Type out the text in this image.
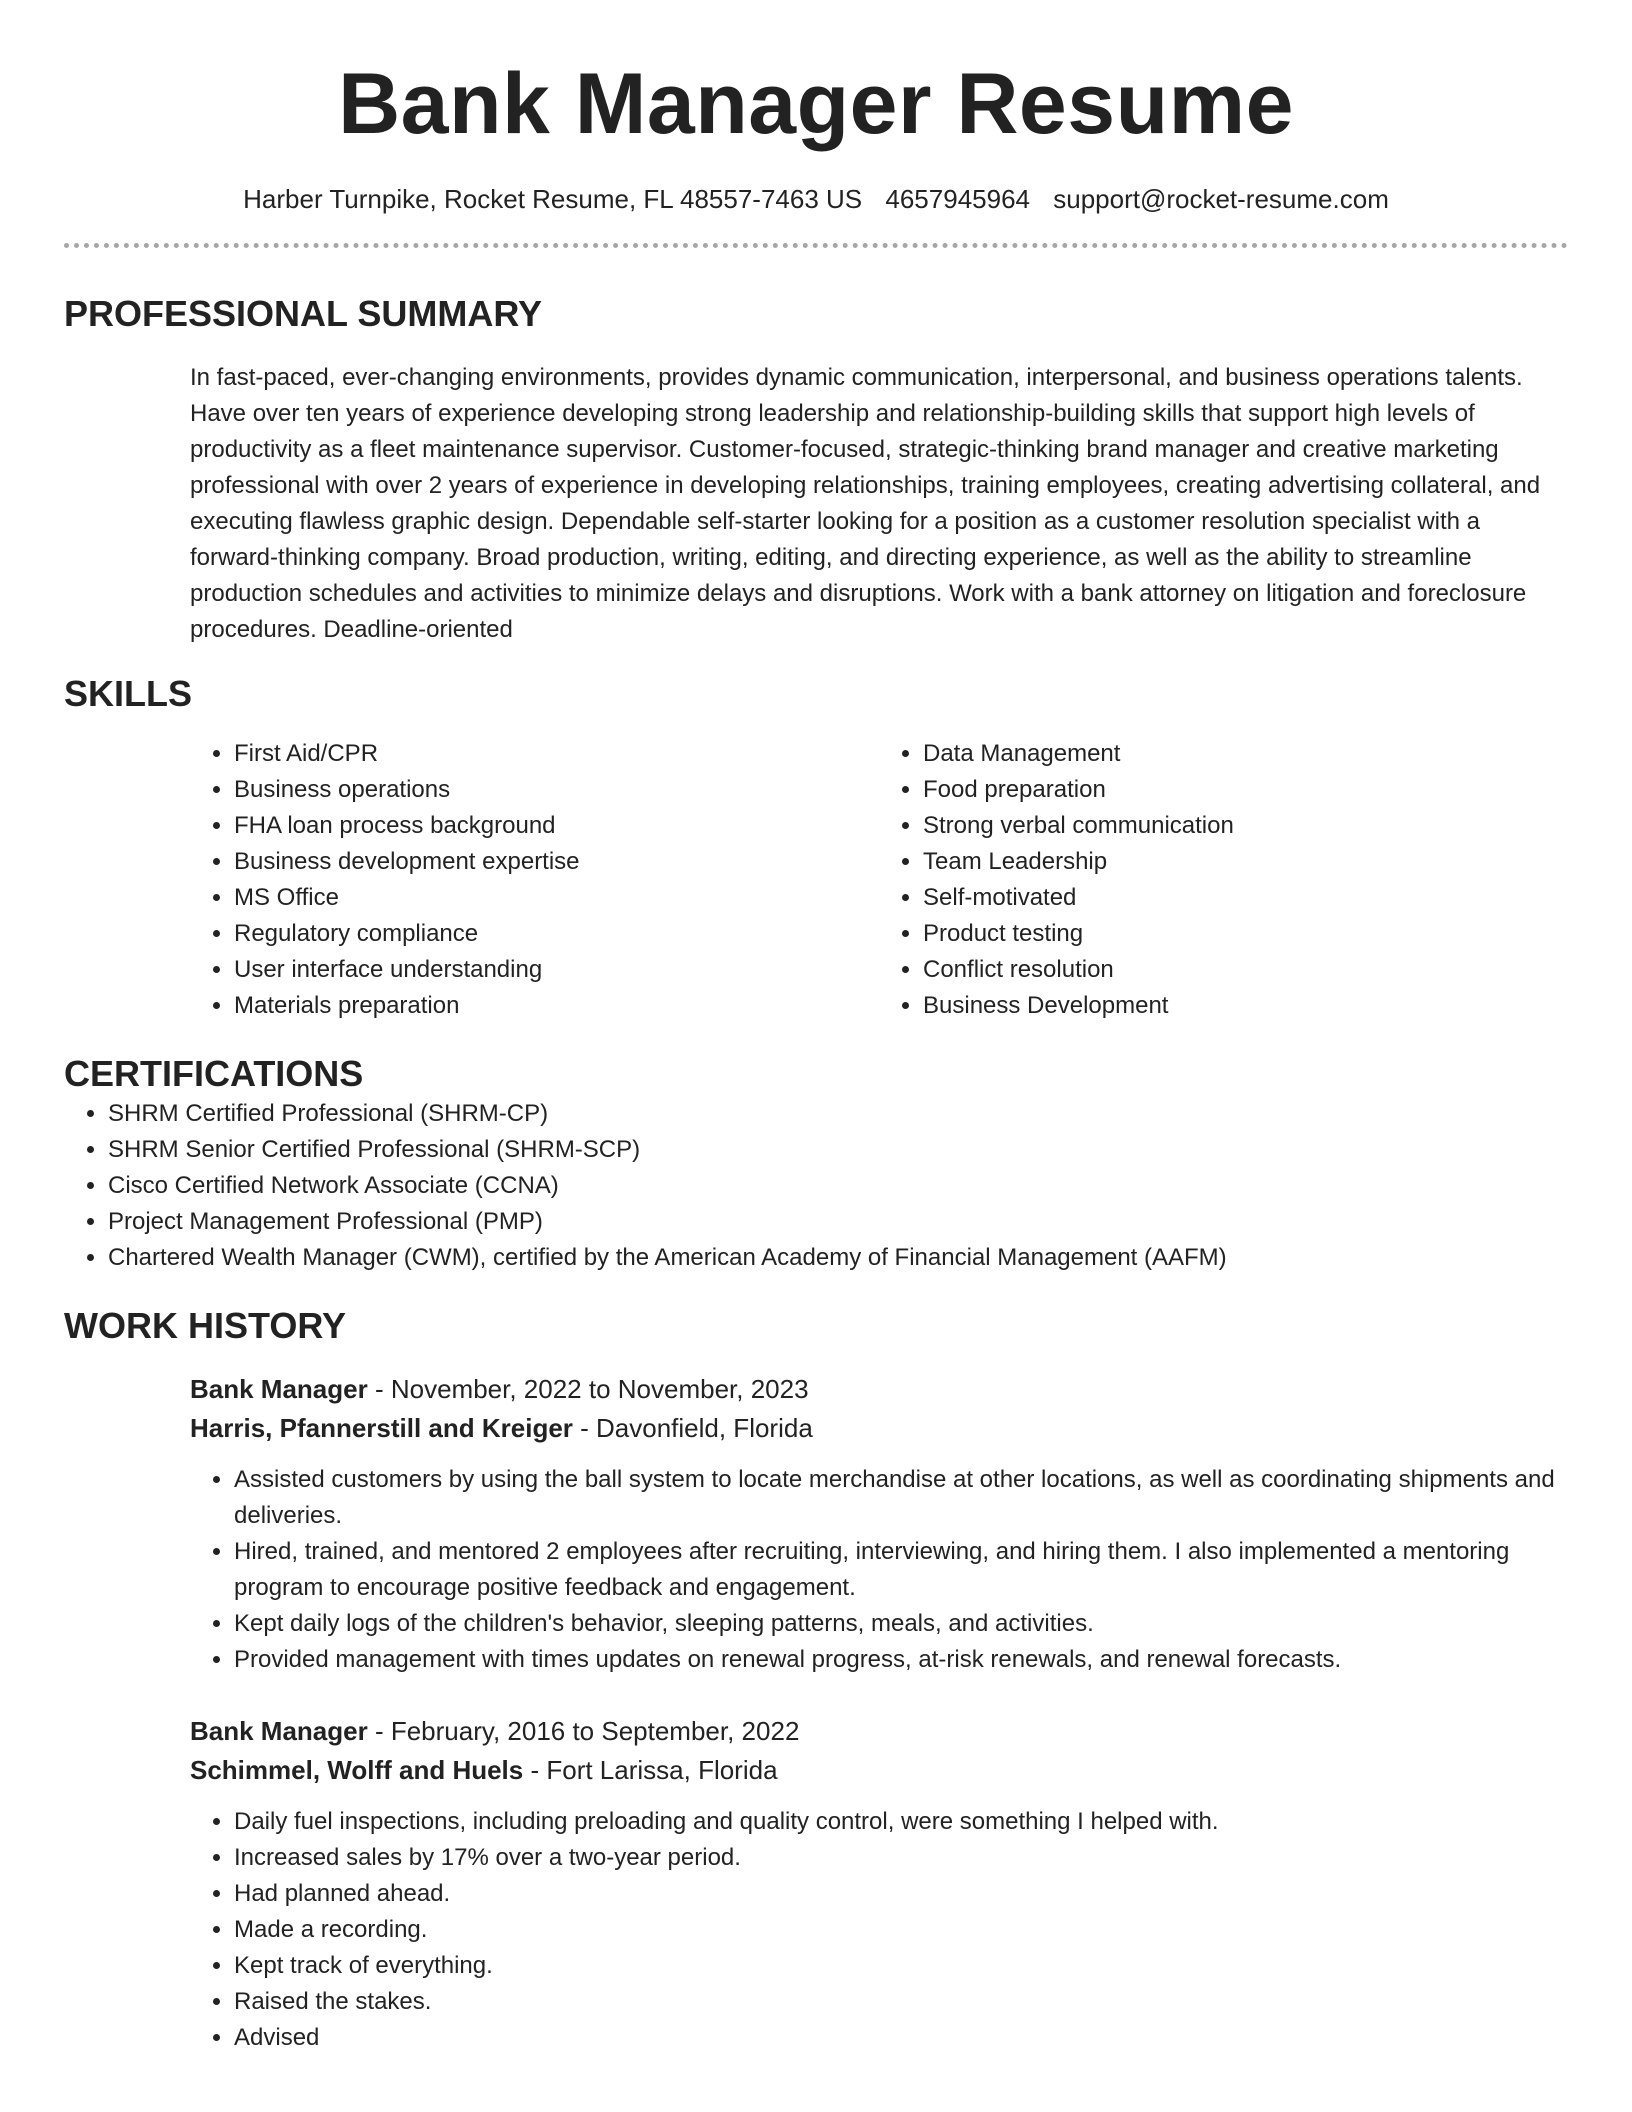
Bank Manager Resume
Harber Turnpike, Rocket Resume, FL 48557-7463 US 4657945964 support@rocket-resume.com
PROFESSIONAL SUMMARY

In fast-paced, ever-changing environments, provides dynamic communication, interpersonal, and business operations talents. Have over ten years of experience developing strong leadership and relationship-building skills that support high levels of productivity as a fleet maintenance supervisor. Customer-focused, strategic-thinking brand manager and creative marketing professional with over 2 years of experience in developing relationships, training employees, creating advertising collateral, and executing flawless graphic design. Dependable self-starter looking for a position as a customer resolution specialist with a forward-thinking company. Broad production, writing, editing, and directing experience, as well as the ability to streamline production schedules and activities to minimize delays and disruptions. Work with a bank attorney on litigation and foreclosure procedures. Deadline-oriented

SKILLS
• First Aid/CPR
• Business operations
• FHA loan process background
• Business development expertise
• MS Office
• Regulatory compliance
• User interface understanding
• Materials preparation
• Data Management
• Food preparation
• Strong verbal communication
• Team Leadership
• Self-motivated
• Product testing
• Conflict resolution
• Business Development
CERTIFICATIONS
• SHRM Certified Professional (SHRM-CP)
• SHRM Senior Certified Professional (SHRM-SCP)
• Cisco Certified Network Associate (CCNA)
• Project Management Professional (PMP)
• Chartered Wealth Manager (CWM), certified by the American Academy of Financial Management (AAFM)
WORK HISTORY
Bank Manager - November, 2022 to November, 2023
Harris, Pfannerstill and Kreiger - Davonfield, Florida
• Assisted customers by using the ball system to locate merchandise at other locations, as well as coordinating shipments and deliveries.
• Hired, trained, and mentored 2 employees after recruiting, interviewing, and hiring them. I also implemented a mentoring program to encourage positive feedback and engagement.
• Kept daily logs of the children's behavior, sleeping patterns, meals, and activities.
• Provided management with times updates on renewal progress, at-risk renewals, and renewal forecasts.
Bank Manager - February, 2016 to September, 2022
Schimmel, Wolff and Huels - Fort Larissa, Florida
• Daily fuel inspections, including preloading and quality control, were something I helped with.
• Increased sales by 17% over a two-year period.
• Had planned ahead.
• Made a recording.
• Kept track of everything.
• Raised the stakes.
• Advised
